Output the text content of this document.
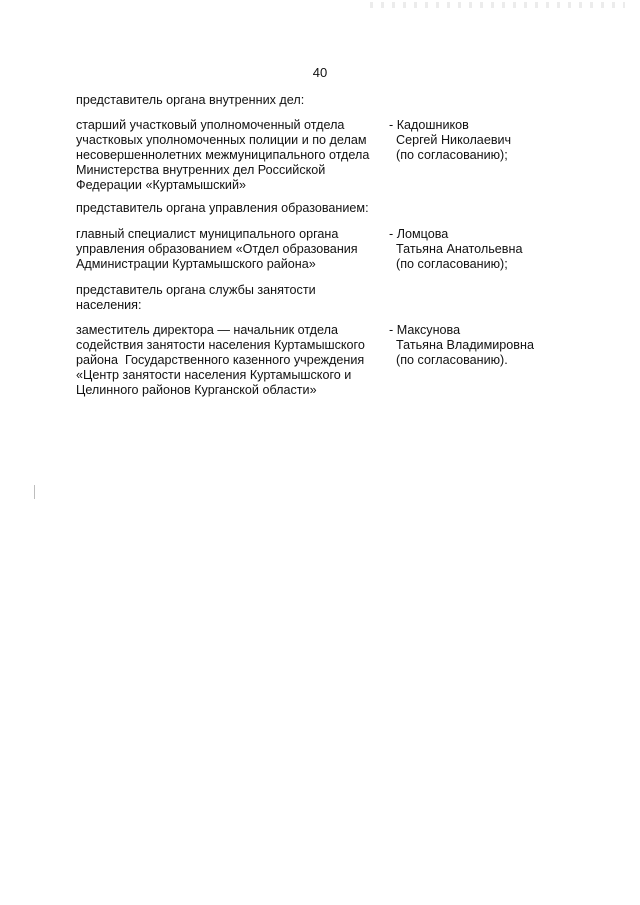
40
представитель органа внутренних дел:
старший участковый уполномоченный отдела
участковых уполномоченных полиции и по делам
несовершеннолетних межмуниципального отдела
Министерства внутренних дел Российской
Федерации «Куртамышский»
- Кадошников
Сергей Николаевич
(по согласованию);
представитель органа управления образованием:
главный специалист муниципального органа
управления образованием «Отдел образования
Администрации Куртамышского района»
- Ломцова
Татьяна Анатольевна
(по согласованию);
представитель органа службы занятости
населения:
заместитель директора — начальник отдела
содействия занятости населения Куртамышского
района  Государственного казенного учреждения
«Центр занятости населения Куртамышского и
Целинного районов Курганской области»
- Максунова
Татьяна Владимировна
(по согласованию).
